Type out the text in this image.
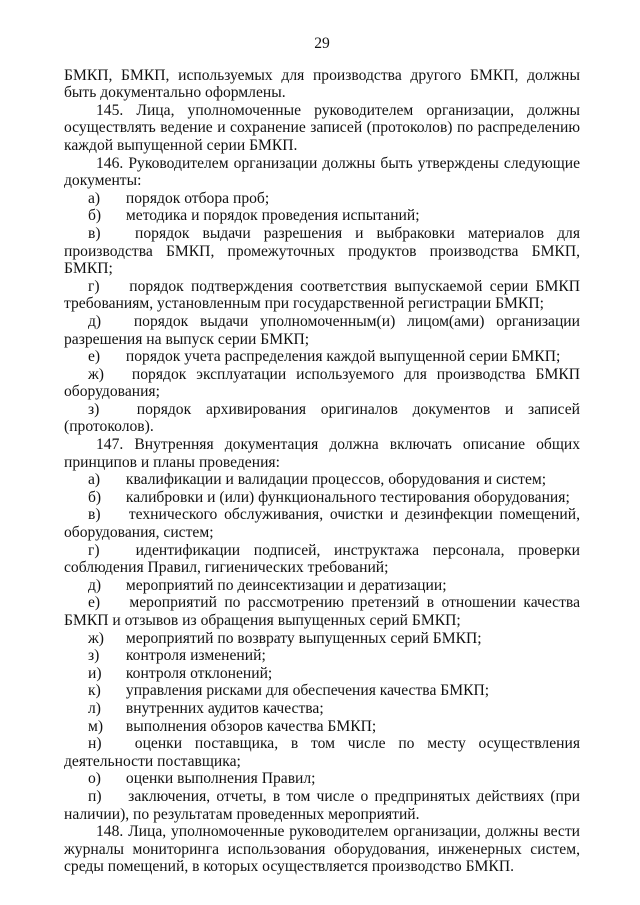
29

БМКП, БМКП, используемых для производства другого БМКП, должны быть документально оформлены.

145. Лица, уполномоченные руководителем организации, должны осуществлять ведение и сохранение записей (протоколов) по распределению каждой выпущенной серии БМКП.

146. Руководителем организации должны быть утверждены следующие документы:

а) порядок отбора проб;

б) методика и порядок проведения испытаний;

в) порядок выдачи разрешения и выбраковки материалов для производства БМКП, промежуточных продуктов производства БМКП, БМКП;

г) порядок подтверждения соответствия выпускаемой серии БМКП требованиям, установленным при государственной регистрации БМКП;

д) порядок выдачи уполномоченным(и) лицом(ами) организации разрешения на выпуск серии БМКП;

е) порядок учета распределения каждой выпущенной серии БМКП;

ж) порядок эксплуатации используемого для производства БМКП оборудования;

з) порядок архивирования оригиналов документов и записей (протоколов).

147. Внутренняя документация должна включать описание общих принципов и планы проведения:

а) квалификации и валидации процессов, оборудования и систем;

б) калибровки и (или) функционального тестирования оборудования;

в) технического обслуживания, очистки и дезинфекции помещений, оборудования, систем;

г) идентификации подписей, инструктажа персонала, проверки соблюдения Правил, гигиенических требований;

д) мероприятий по деинсектизации и дератизации;

е) мероприятий по рассмотрению претензий в отношении качества БМКП и отзывов из обращения выпущенных серий БМКП;

ж) мероприятий по возврату выпущенных серий БМКП;

з) контроля изменений;

и) контроля отклонений;

к) управления рисками для обеспечения качества БМКП;

л) внутренних аудитов качества;

м) выполнения обзоров качества БМКП;

н) оценки поставщика, в том числе по месту осуществления деятельности поставщика;

о) оценки выполнения Правил;

п) заключения, отчеты, в том числе о предпринятых действиях (при наличии), по результатам проведенных мероприятий.

148. Лица, уполномоченные руководителем организации, должны вести журналы мониторинга использования оборудования, инженерных систем, среды помещений, в которых осуществляется производство БМКП.
